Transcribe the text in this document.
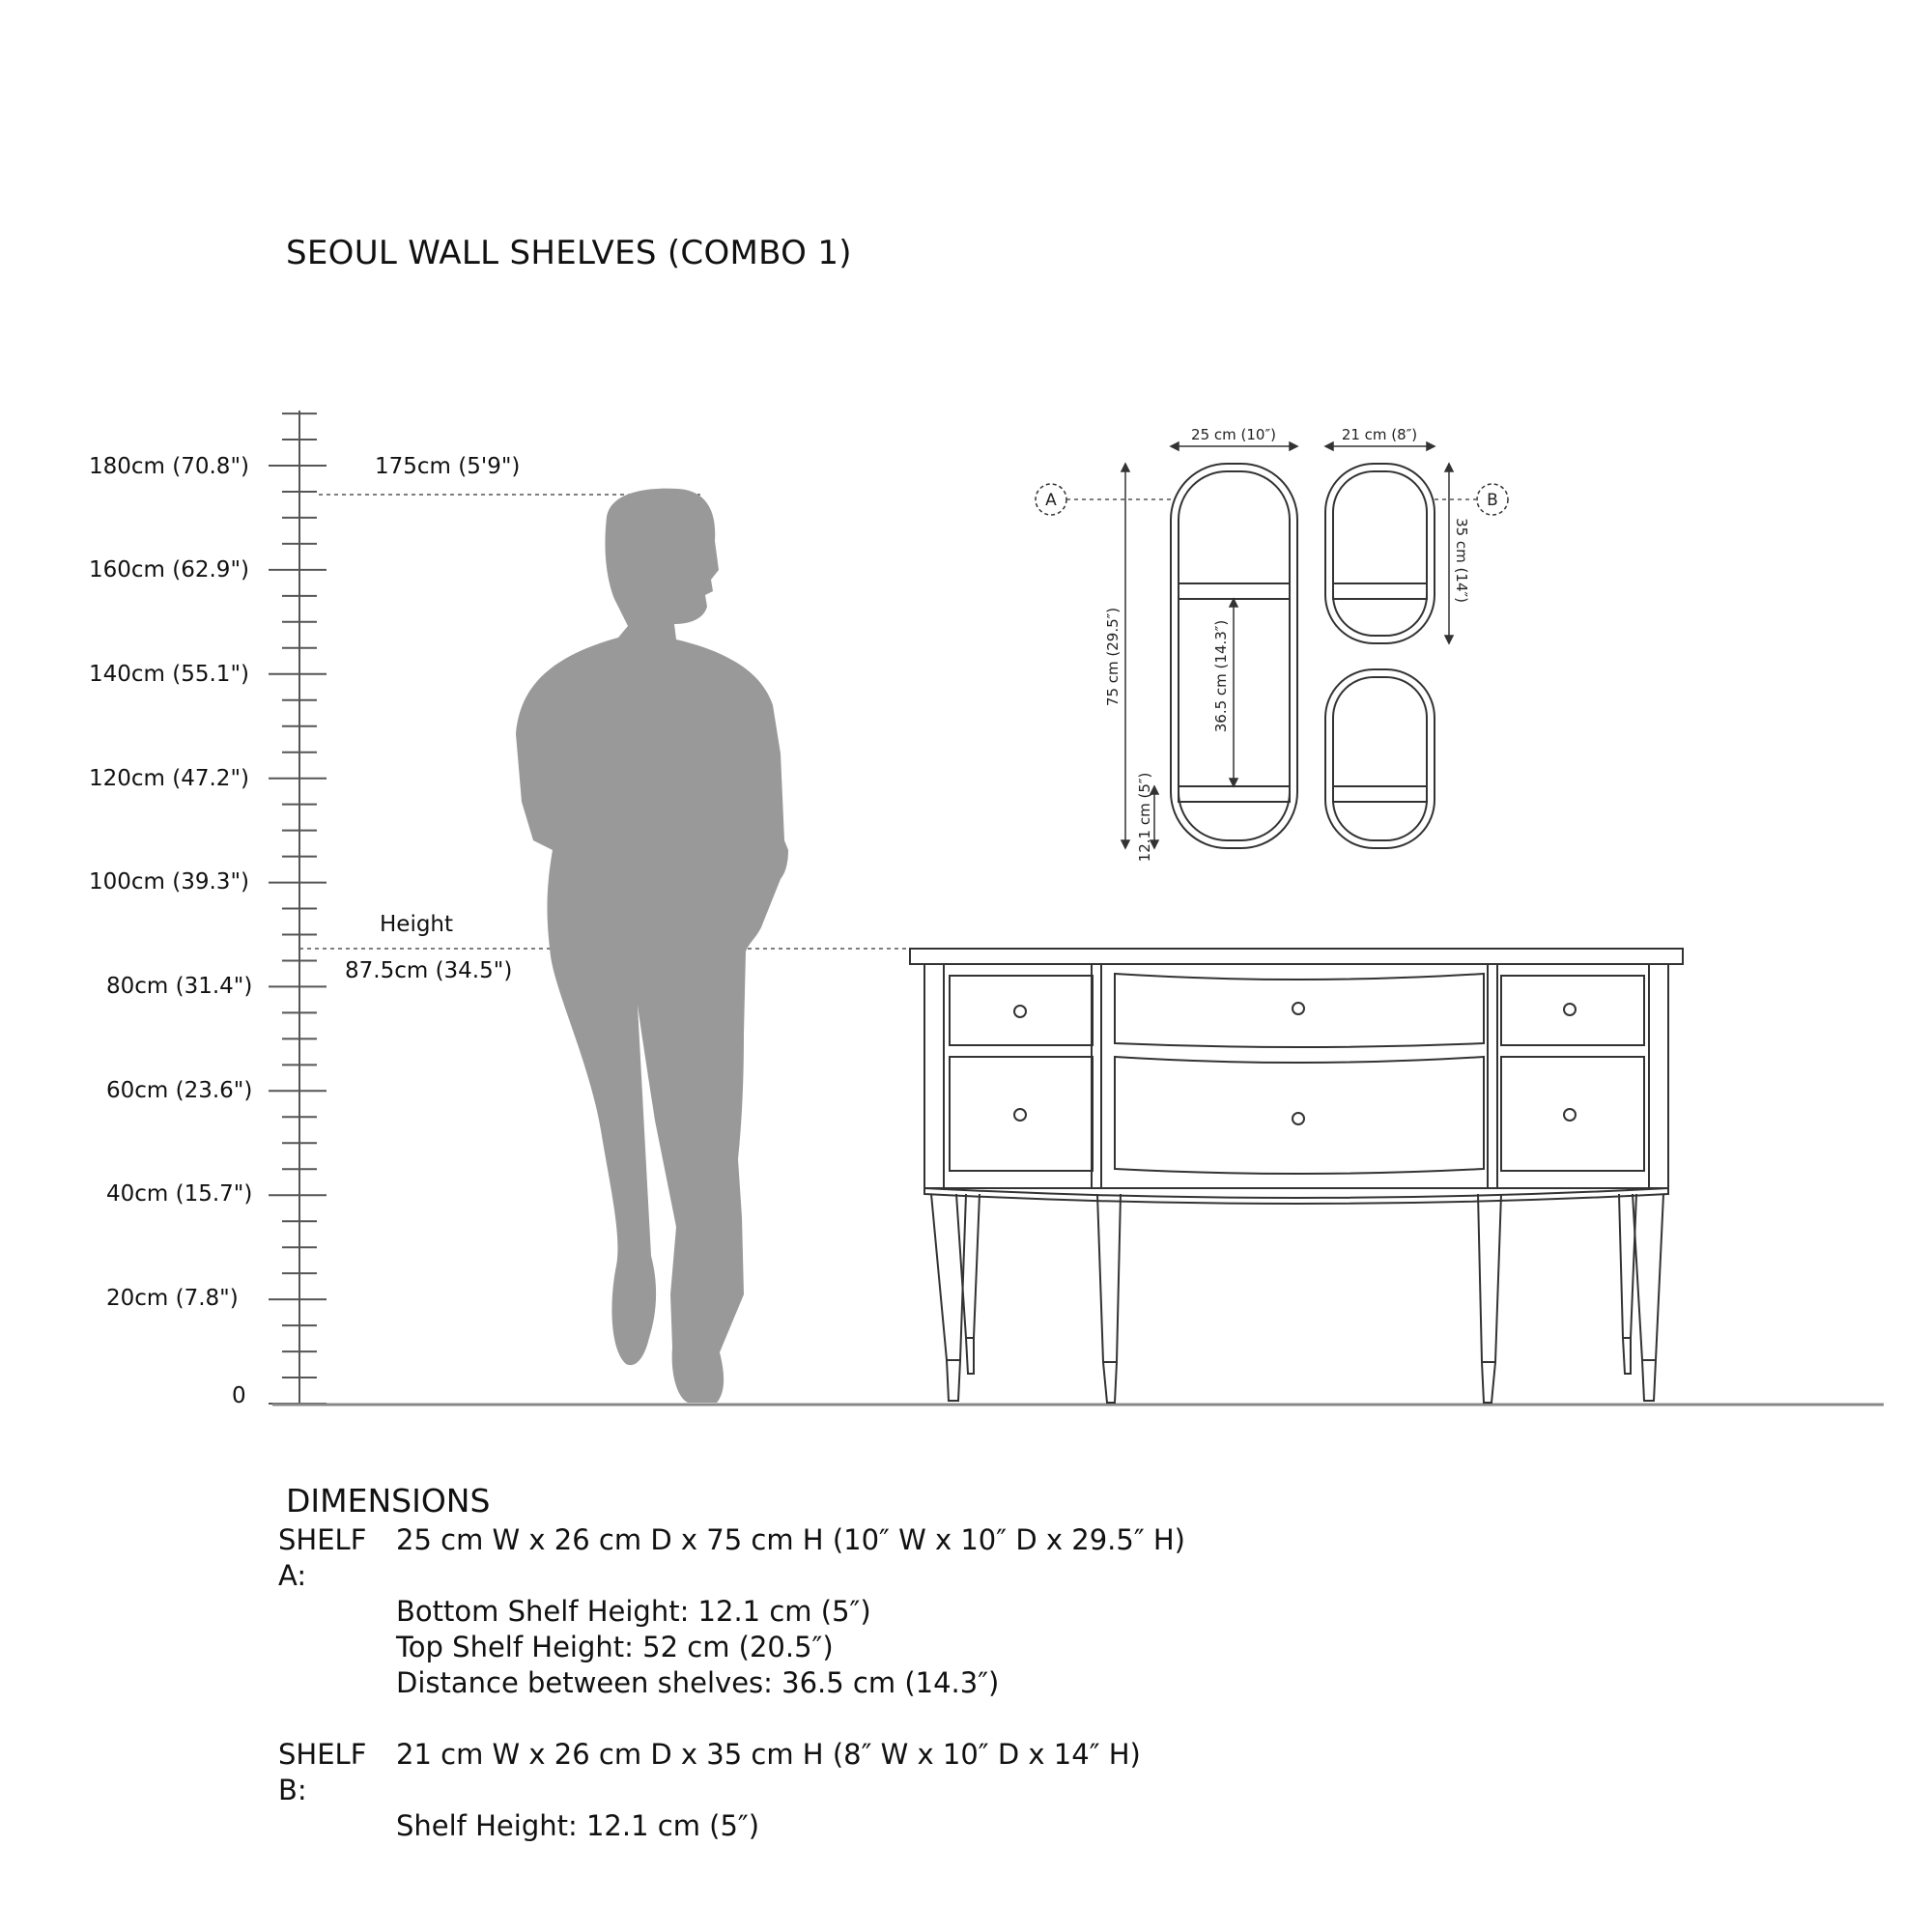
SEOUL WALL SHELVES (COMBO 1)
180cm (70.8")
160cm (62.9")
140cm (55.1")
120cm (47.2")
100cm (39.3")
80cm (31.4")
60cm (23.6")
40cm (15.7")
20cm (7.8")
0
175cm (5'9")
Height
87.5cm (34.5")
A	B
25 cm (10″)	21 cm (8″)
75 cm (29.5″)	36.5 cm (14.3″)
12.1 cm (5″)
35 cm (14″)
DIMENSIONS
SHELF A:
25 cm W x 26 cm D x 75 cm H (10″ W x 10″ D x 29.5″ H)
Bottom Shelf Height: 12.1 cm (5″)
Top Shelf Height: 52 cm (20.5″)
Distance between shelves: 36.5 cm (14.3″)
SHELF B:
21 cm W x 26 cm D x 35 cm H (8″ W x 10″ D x 14″ H)
Shelf Height: 12.1 cm (5″)
